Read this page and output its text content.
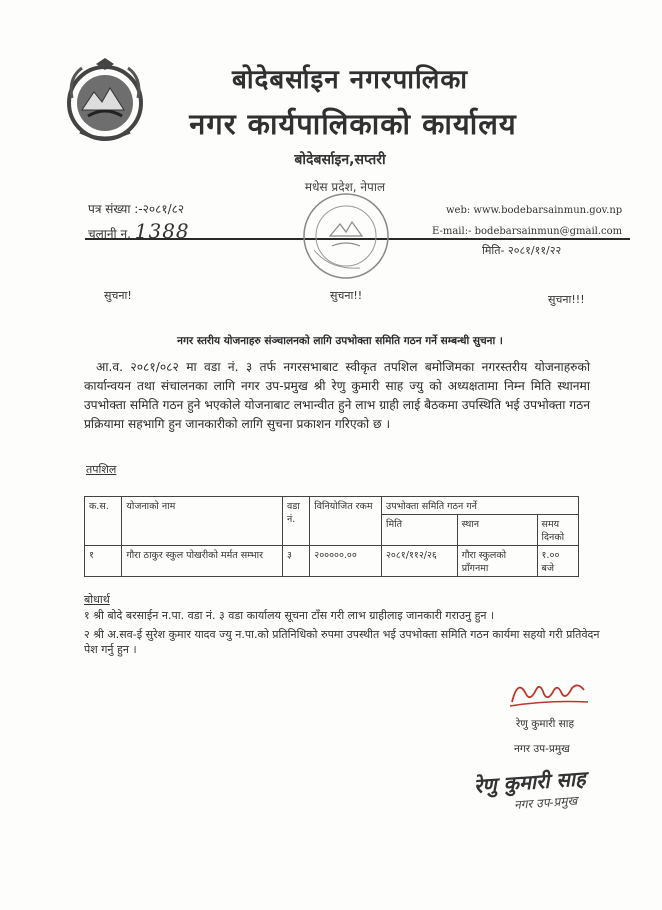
बोदेबर्साइन नगरपालिका
नगर कार्यपालिकाको कार्यालय
बोदेबर्साइन,सप्तरी
मधेस प्रदेश, नेपाल
पत्र संख्या :-२०८१/८२
चलानी न. 1388
web: www.bodebarsainmun.gov.np
E-mail:- bodebarsainmun@gmail.com
मिति- २०८१/११/२२
सुचना!	सुचना!!	सुचना!!!
नगर स्तरीय योजनाहरु संञ्चालनको लागि उपभोक्ता समिति गठन गर्ने सम्बन्धी सुचना ।
आ.व. २०८१/०८२ मा वडा नं. ३ तर्फ नगरसभाबाट स्वीकृत तपशिल बमोजिमका नगरस्तरीय योजनाहरुको कार्यान्वयन तथा संचालनका लागि नगर उप-प्रमुख श्री रेणु कुमारी साह ज्यु को अध्यक्षतामा निम्न मिति स्थानमा उपभोक्ता समिति गठन हुने भएकोले योजनाबाट लभान्वीत हुने लाभ ग्राही लाई बैठकमा उपस्थिति भई उपभोक्ता गठन प्रक्रियामा सहभागि हुन जानकारीको लागि सुचना प्रकाशन गरिएको छ ।
तपशिल
क.स.	योजनाको नाम	वडा नं.	विनियोजित रकम	उपभोक्ता समिति गठन गर्ने		
				मिति	स्थान	समय दिनको
१	गौरा ठाकुर स्कुल पोखरीको मर्मत सम्भार	३	२०००००.००	२०८१/११२/२६	गौरा स्कुलको प्राँगनमा	१.०० बजे
बोधार्थ
१ श्री बोदे बरसाईन न.पा. वडा नं. ३ वडा कार्यालय सूचना टाँस गरी लाभ ग्राहीलाइ जानकारी गराउनु हुन ।
२ श्री अ.सव-ई सुरेश कुमार यादव ज्यु न.पा.को प्रतिनिधिको रुपमा उपस्थीत भई उपभोक्ता समिति गठन कार्यमा सहयो गरी प्रतिवेदन पेश गर्नु हुन ।
रेणु कुमारी साह
नगर उप-प्रमुख
रेणु कुमारी साह
नगर उप-प्रमुख
